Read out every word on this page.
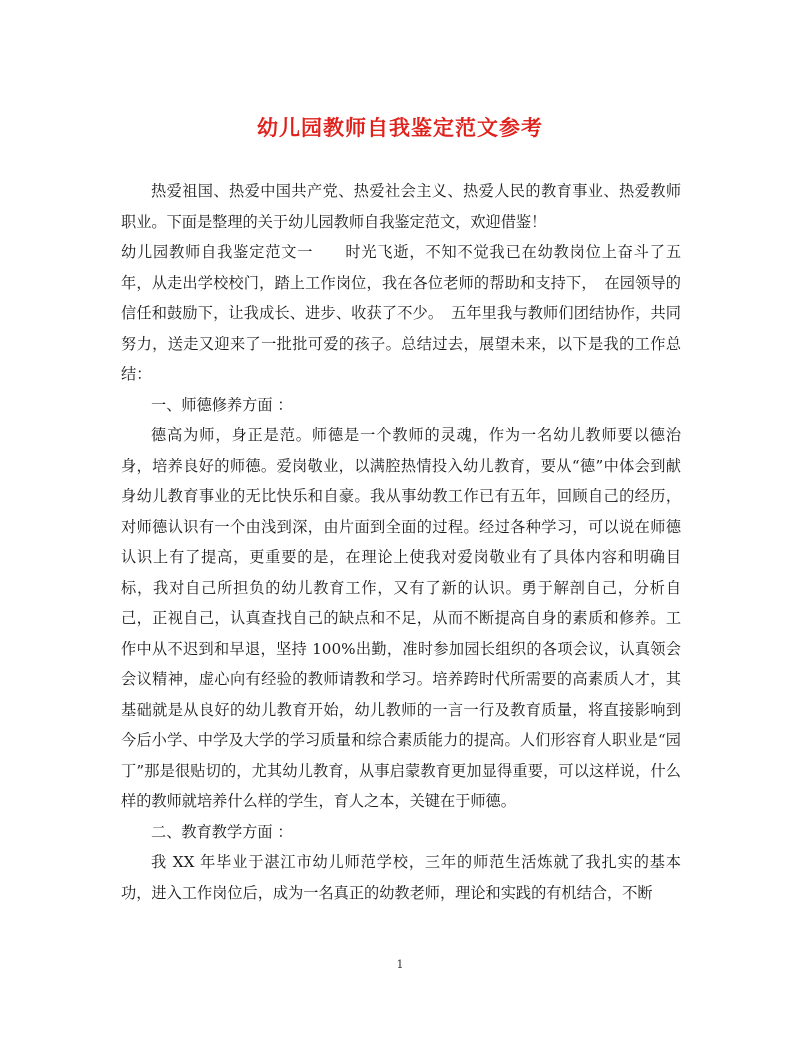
幼儿园教师自我鉴定范文参考

热爱祖国、热爱中国共产党、热爱社会主义、热爱人民的教育事业、热爱教师职业。下面是整理的关于幼儿园教师自我鉴定范文，欢迎借鉴！

幼儿园教师自我鉴定范文一　　时光飞逝，不知不觉我已在幼教岗位上奋斗了五年，从走出学校校门，踏上工作岗位，我在各位老师的帮助和支持下，　在园领导的信任和鼓励下，让我成长、进步、收获了不少。　五年里我与教师们团结协作，共同努力，送走又迎来了一批批可爱的孩子。总结过去，展望未来，以下是我的工作总结：

一、师德修养方面 ：

德高为师，身正是范。师德是一个教师的灵魂，作为一名幼儿教师要以德治身，培养良好的师德。爱岗敬业，以满腔热情投入幼儿教育，要从“德”中体会到献身幼儿教育事业的无比快乐和自豪。我从事幼教工作已有五年，回顾自己的经历，对师德认识有一个由浅到深，由片面到全面的过程。经过各种学习，可以说在师德认识上有了提高，更重要的是，在理论上使我对爱岗敬业有了具体内容和明确目标，我对自己所担负的幼儿教育工作，又有了新的认识。勇于解剖自己，分析自己，正视自己，认真查找自己的缺点和不足，从而不断提高自身的素质和修养。工作中从不迟到和早退，坚持 100%出勤，准时参加园长组织的各项会议，认真领会会议精神，虚心向有经验的教师请教和学习。培养跨时代所需要的高素质人才，其基础就是从良好的幼儿教育开始，幼儿教师的一言一行及教育质量，将直接影响到今后小学、中学及大学的学习质量和综合素质能力的提高。人们形容育人职业是“园丁”那是很贴切的，尤其幼儿教育，从事启蒙教育更加显得重要，可以这样说，什么样的教师就培养什么样的学生，育人之本，关键在于师德。

二、教育教学方面 ：

我 XX 年毕业于湛江市幼儿师范学校，三年的师范生活炼就了我扎实的基本功，进入工作岗位后，成为一名真正的幼教老师，理论和实践的有机结合，不断

1
